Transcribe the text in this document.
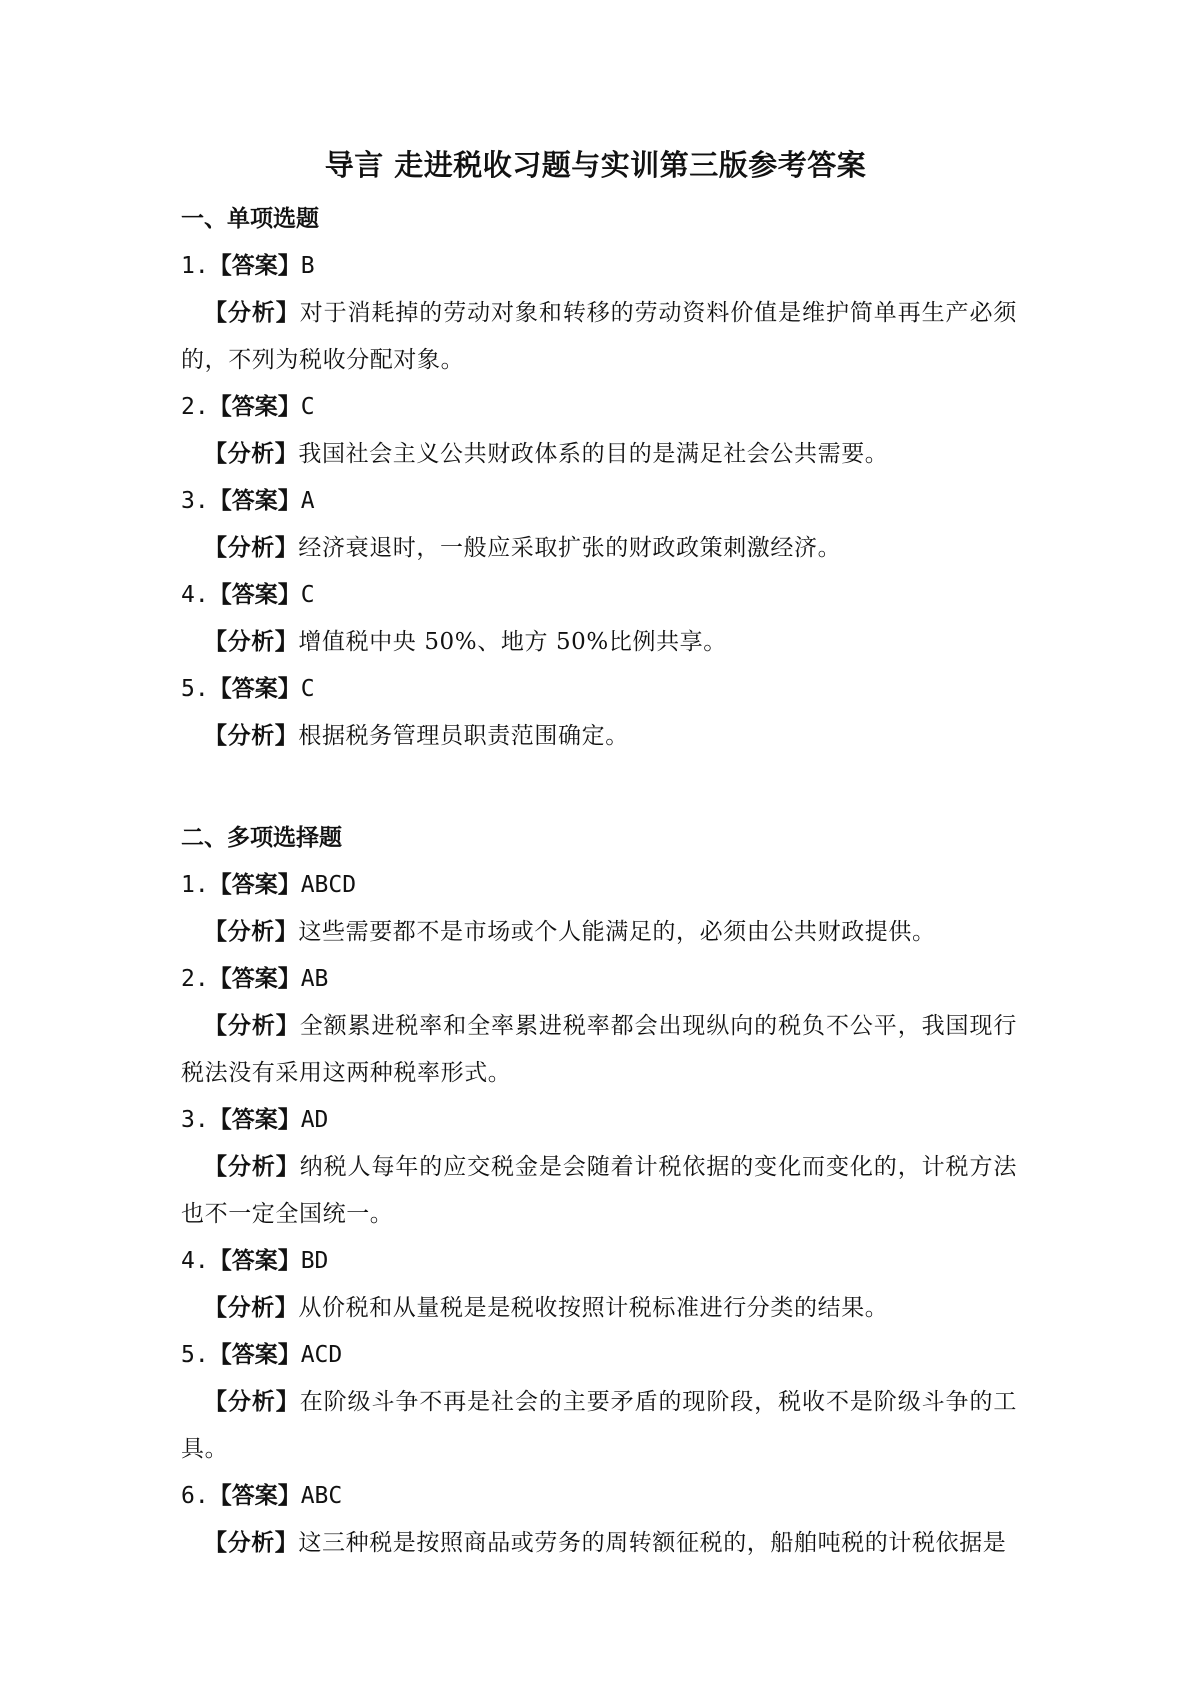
导言 走进税收习题与实训第三版参考答案
一、单项选题
1.【答案】B
【分析】对于消耗掉的劳动对象和转移的劳动资料价值是维护简单再生产必须的，不列为税收分配对象。
2.【答案】C
【分析】我国社会主义公共财政体系的目的是满足社会公共需要。
3.【答案】A
【分析】经济衰退时，一般应采取扩张的财政政策刺激经济。
4.【答案】C
【分析】增值税中央 50%、地方 50%比例共享。
5.【答案】C
【分析】根据税务管理员职责范围确定。
二、多项选择题
1.【答案】ABCD
【分析】这些需要都不是市场或个人能满足的，必须由公共财政提供。
2.【答案】AB
【分析】全额累进税率和全率累进税率都会出现纵向的税负不公平，我国现行税法没有采用这两种税率形式。
3.【答案】AD
【分析】纳税人每年的应交税金是会随着计税依据的变化而变化的，计税方法也不一定全国统一。
4.【答案】BD
【分析】从价税和从量税是是税收按照计税标准进行分类的结果。
5.【答案】ACD
【分析】在阶级斗争不再是社会的主要矛盾的现阶段，税收不是阶级斗争的工具。
6.【答案】ABC
【分析】这三种税是按照商品或劳务的周转额征税的，船舶吨税的计税依据是
